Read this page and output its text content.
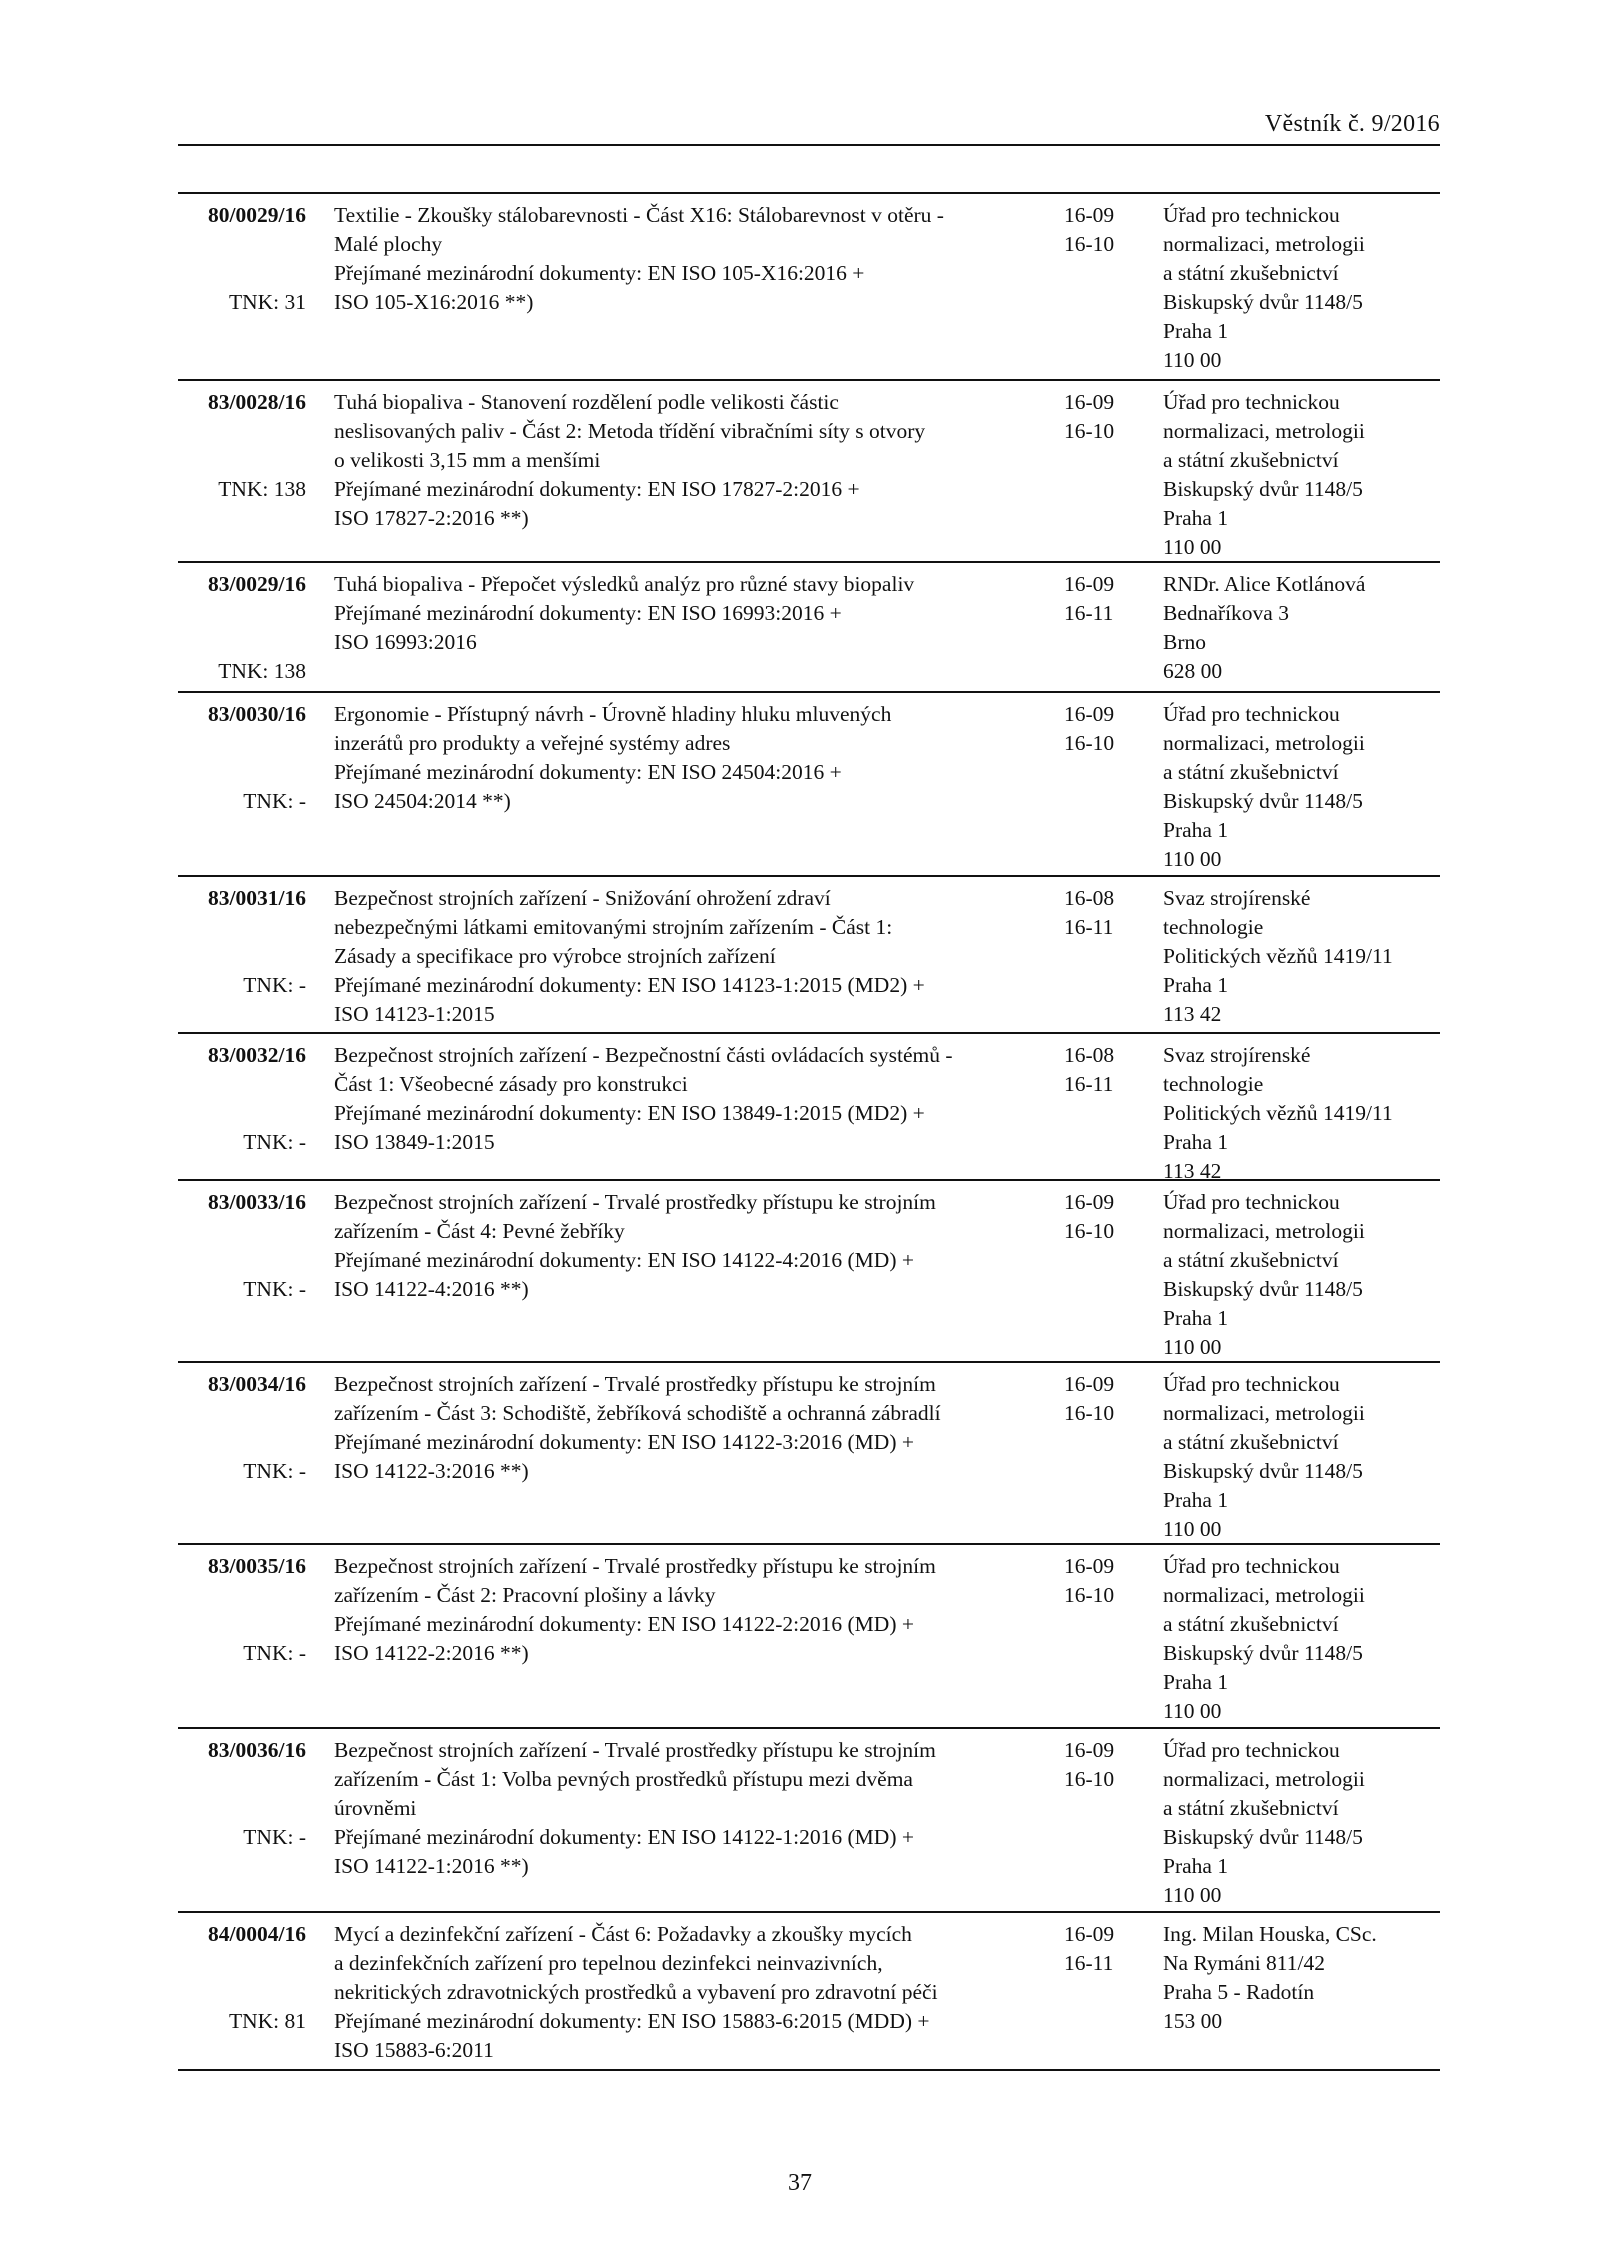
Věstník č. 9/2016
80/0029/16
TNK: 31
Textilie - Zkoušky stálobarevnosti - Část X16: Stálobarevnost v otěru -
Malé plochy
Přejímané mezinárodní dokumenty: EN ISO 105-X16:2016 +
ISO 105-X16:2016 **)
16-09
16-10
Úřad pro technickou
normalizaci, metrologii
a státní zkušebnictví
Biskupský dvůr 1148/5
Praha 1
110 00
83/0028/16
TNK: 138
Tuhá biopaliva - Stanovení rozdělení podle velikosti částic
neslisovaných paliv - Část 2: Metoda třídění vibračními síty s otvory
o velikosti 3,15 mm a menšími
Přejímané mezinárodní dokumenty: EN ISO 17827-2:2016 +
ISO 17827-2:2016 **)
16-09
16-10
Úřad pro technickou
normalizaci, metrologii
a státní zkušebnictví
Biskupský dvůr 1148/5
Praha 1
110 00
83/0029/16
TNK: 138
Tuhá biopaliva - Přepočet výsledků analýz pro různé stavy biopaliv
Přejímané mezinárodní dokumenty: EN ISO 16993:2016 +
ISO 16993:2016
16-09
16-11
RNDr. Alice Kotlánová
Bednaříkova 3
Brno
628 00
83/0030/16
TNK: -
Ergonomie - Přístupný návrh - Úrovně hladiny hluku mluvených
inzerátů pro produkty a veřejné systémy adres
Přejímané mezinárodní dokumenty: EN ISO 24504:2016 +
ISO 24504:2014 **)
16-09
16-10
Úřad pro technickou
normalizaci, metrologii
a státní zkušebnictví
Biskupský dvůr 1148/5
Praha 1
110 00
83/0031/16
TNK: -
Bezpečnost strojních zařízení - Snižování ohrožení zdraví
nebezpečnými látkami emitovanými strojním zařízením - Část 1:
Zásady a specifikace pro výrobce strojních zařízení
Přejímané mezinárodní dokumenty: EN ISO 14123-1:2015 (MD2) +
ISO 14123-1:2015
16-08
16-11
Svaz strojírenské
technologie
Politických vězňů 1419/11
Praha 1
113 42
83/0032/16
TNK: -
Bezpečnost strojních zařízení - Bezpečnostní části ovládacích systémů -
Část 1: Všeobecné zásady pro konstrukci
Přejímané mezinárodní dokumenty: EN ISO 13849-1:2015 (MD2) +
ISO 13849-1:2015
16-08
16-11
Svaz strojírenské
technologie
Politických vězňů 1419/11
Praha 1
113 42
83/0033/16
TNK: -
Bezpečnost strojních zařízení - Trvalé prostředky přístupu ke strojním
zařízením - Část 4: Pevné žebříky
Přejímané mezinárodní dokumenty: EN ISO 14122-4:2016 (MD) +
ISO 14122-4:2016 **)
16-09
16-10
Úřad pro technickou
normalizaci, metrologii
a státní zkušebnictví
Biskupský dvůr 1148/5
Praha 1
110 00
83/0034/16
TNK: -
Bezpečnost strojních zařízení - Trvalé prostředky přístupu ke strojním
zařízením - Část 3: Schodiště, žebříková schodiště a ochranná zábradlí
Přejímané mezinárodní dokumenty: EN ISO 14122-3:2016 (MD) +
ISO 14122-3:2016 **)
16-09
16-10
Úřad pro technickou
normalizaci, metrologii
a státní zkušebnictví
Biskupský dvůr 1148/5
Praha 1
110 00
83/0035/16
TNK: -
Bezpečnost strojních zařízení - Trvalé prostředky přístupu ke strojním
zařízením - Část 2: Pracovní plošiny a lávky
Přejímané mezinárodní dokumenty: EN ISO 14122-2:2016 (MD) +
ISO 14122-2:2016 **)
16-09
16-10
Úřad pro technickou
normalizaci, metrologii
a státní zkušebnictví
Biskupský dvůr 1148/5
Praha 1
110 00
83/0036/16
TNK: -
Bezpečnost strojních zařízení - Trvalé prostředky přístupu ke strojním
zařízením - Část 1: Volba pevných prostředků přístupu mezi dvěma
úrovněmi
Přejímané mezinárodní dokumenty: EN ISO 14122-1:2016 (MD) +
ISO 14122-1:2016 **)
16-09
16-10
Úřad pro technickou
normalizaci, metrologii
a státní zkušebnictví
Biskupský dvůr 1148/5
Praha 1
110 00
84/0004/16
TNK: 81
Mycí a dezinfekční zařízení - Část 6: Požadavky a zkoušky mycích
a dezinfekčních zařízení pro tepelnou dezinfekci neinvazivních,
nekritických zdravotnických prostředků a vybavení pro zdravotní péči
Přejímané mezinárodní dokumenty: EN ISO 15883-6:2015 (MDD) +
ISO 15883-6:2011
16-09
16-11
Ing. Milan Houska, CSc.
Na Rymáni 811/42
Praha 5 - Radotín
153 00
37
